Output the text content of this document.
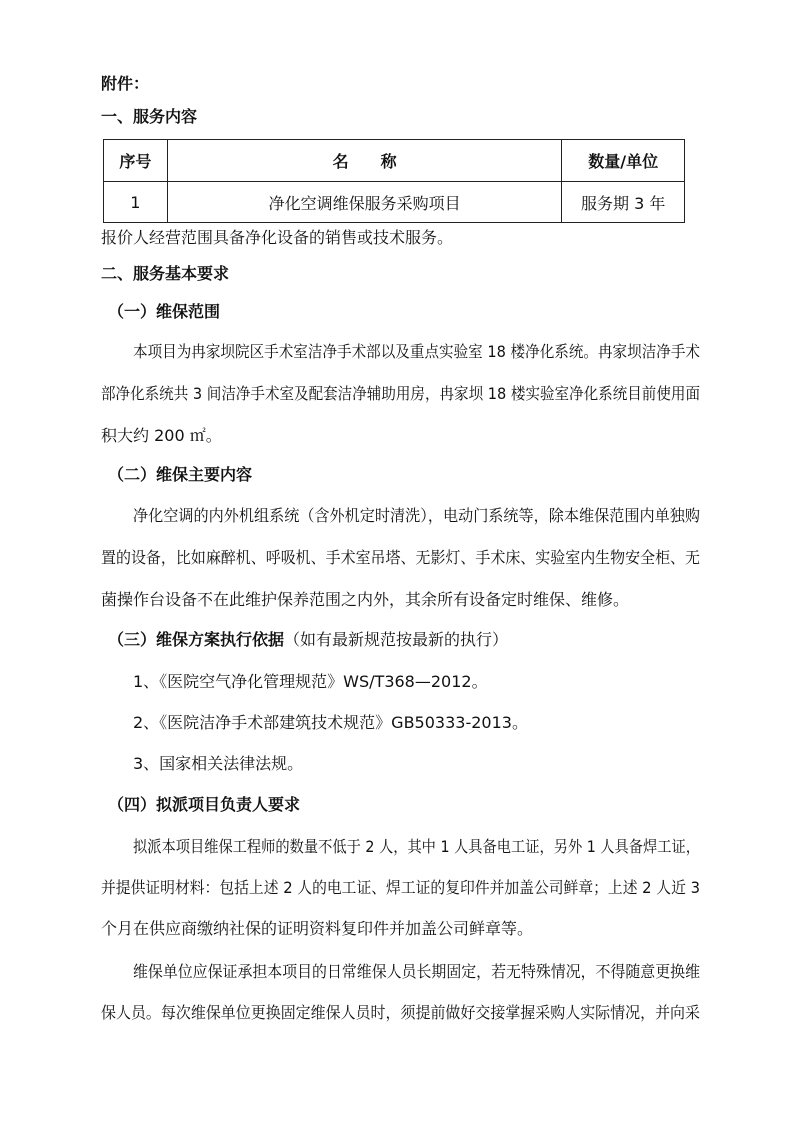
附件：
一、服务内容
序号	名　　称	数量/单位
1	净化空调维保服务采购项目	服务期 3 年
报价人经营范围具备净化设备的销售或技术服务。
二、服务基本要求
（一）维保范围
本项目为冉家坝院区手术室洁净手术部以及重点实验室 18 楼净化系统。冉家坝洁净手术
部净化系统共 3 间洁净手术室及配套洁净辅助用房，冉家坝 18 楼实验室净化系统目前使用面
积大约 200 ㎡。
（二）维保主要内容
净化空调的内外机组系统（含外机定时清洗），电动门系统等，除本维保范围内单独购
置的设备，比如麻醉机、呼吸机、手术室吊塔、无影灯、手术床、实验室内生物安全柜、无
菌操作台设备不在此维护保养范围之内外，其余所有设备定时维保、维修。
（三）维保方案执行依据（如有最新规范按最新的执行）
1、《医院空气净化管理规范》WS/T368—2012。
2、《医院洁净手术部建筑技术规范》GB50333-2013。
3、国家相关法律法规。
（四）拟派项目负责人要求
拟派本项目维保工程师的数量不低于 2 人，其中 1 人具备电工证，另外 1 人具备焊工证，
并提供证明材料：包括上述 2 人的电工证、焊工证的复印件并加盖公司鲜章；上述 2 人近 3
个月在供应商缴纳社保的证明资料复印件并加盖公司鲜章等。
维保单位应保证承担本项目的日常维保人员长期固定，若无特殊情况，不得随意更换维
保人员。每次维保单位更换固定维保人员时，须提前做好交接掌握采购人实际情况，并向采
